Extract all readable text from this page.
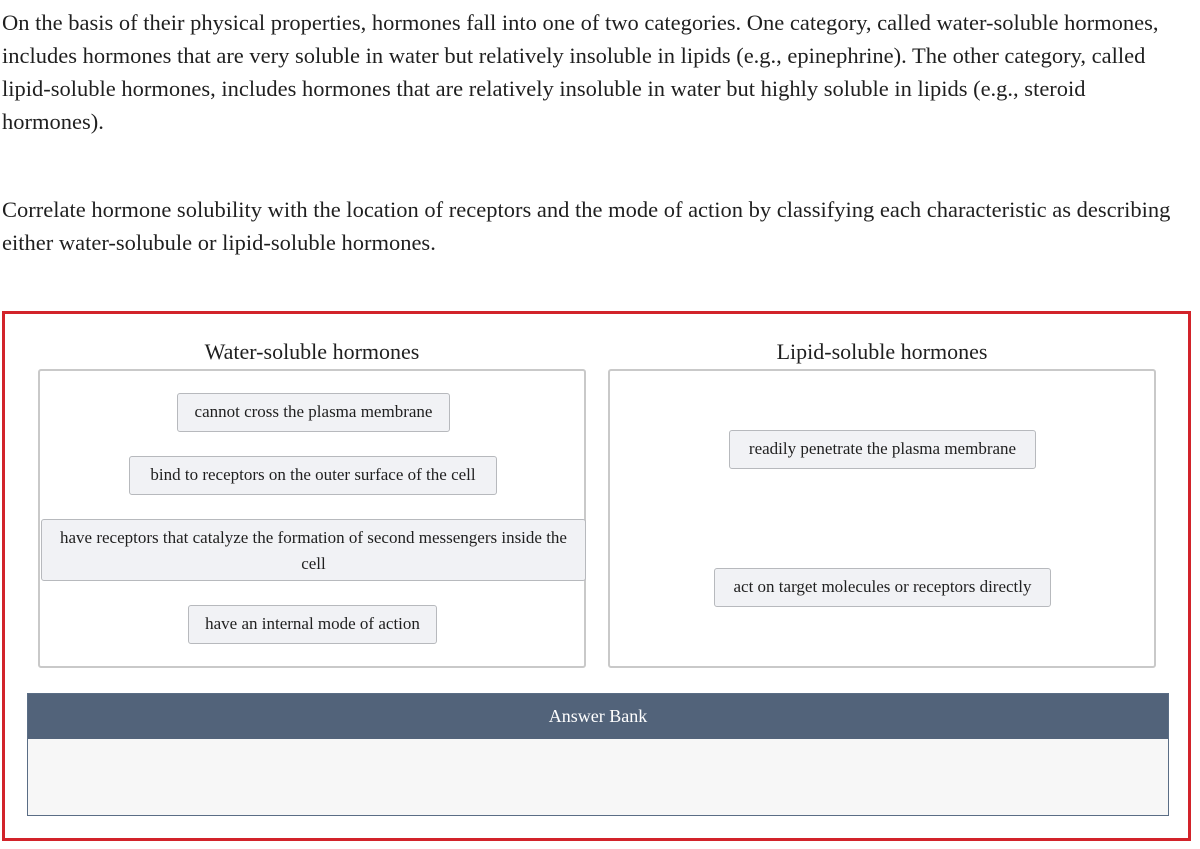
On the basis of their physical properties, hormones fall into one of two categories. One category, called water-soluble hormones, includes hormones that are very soluble in water but relatively insoluble in lipids (e.g., epinephrine). The other category, called lipid-soluble hormones, includes hormones that are relatively insoluble in water but highly soluble in lipids (e.g., steroid hormones).

Correlate hormone solubility with the location of receptors and the mode of action by classifying each characteristic as describing either water-solubule or lipid-soluble hormones.

Water-soluble hormones	Lipid-soluble hormones
cannot cross the plasma membrane
bind to receptors on the outer surface of the cell
have receptors that catalyze the formation of second messengers inside the cell
have an internal mode of action
readily penetrate the plasma membrane
act on target molecules or receptors directly
Answer Bank
